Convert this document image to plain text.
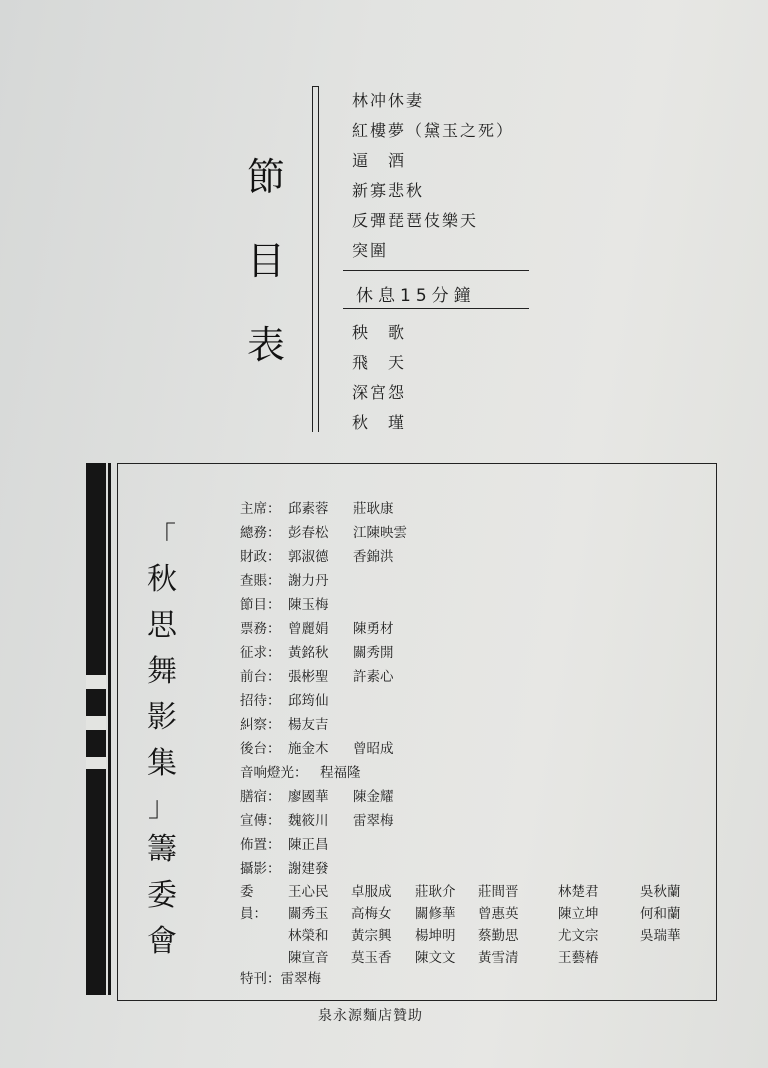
節
目
表
林冲休妻
紅樓夢（黛玉之死）
逼　酒
新寡悲秋
反彈琵琶伎樂天
突圍
休息15分鐘
秧　歌
飛　天
深宮怨
秋　瑾
「
秋
思
舞
影
集
」
籌
委
會
主席： 邱素蓉 莊耿康
總務： 彭春松 江陳映雲
財政： 郭淑德 香錦洪
查賬： 謝力丹
節目： 陳玉梅
票務： 曾麗娟 陳勇材
征求： 黃銘秋 關秀開
前台： 張彬聖 許素心
招待： 邱筠仙
糾察： 楊友吉
後台： 施金木 曾昭成
音响燈光： 程福隆
膳宿： 廖國華 陳金耀
宣傳： 魏筱川 雷翠梅
佈置： 陳正昌
攝影： 謝建發
委員：
王心民
關秀玉
林榮和
陳宣音
卓服成
高梅女
黃宗興
莫玉香
莊耿介
關修華
楊坤明
陳文文
莊間晋
曾惠英
蔡勤思
黃雪清
林楚君
陳立坤
尤文宗
王藝椿
吳秋蘭
何和蘭
吳瑞華
特刊：雷翠梅
泉永源麵店贊助
